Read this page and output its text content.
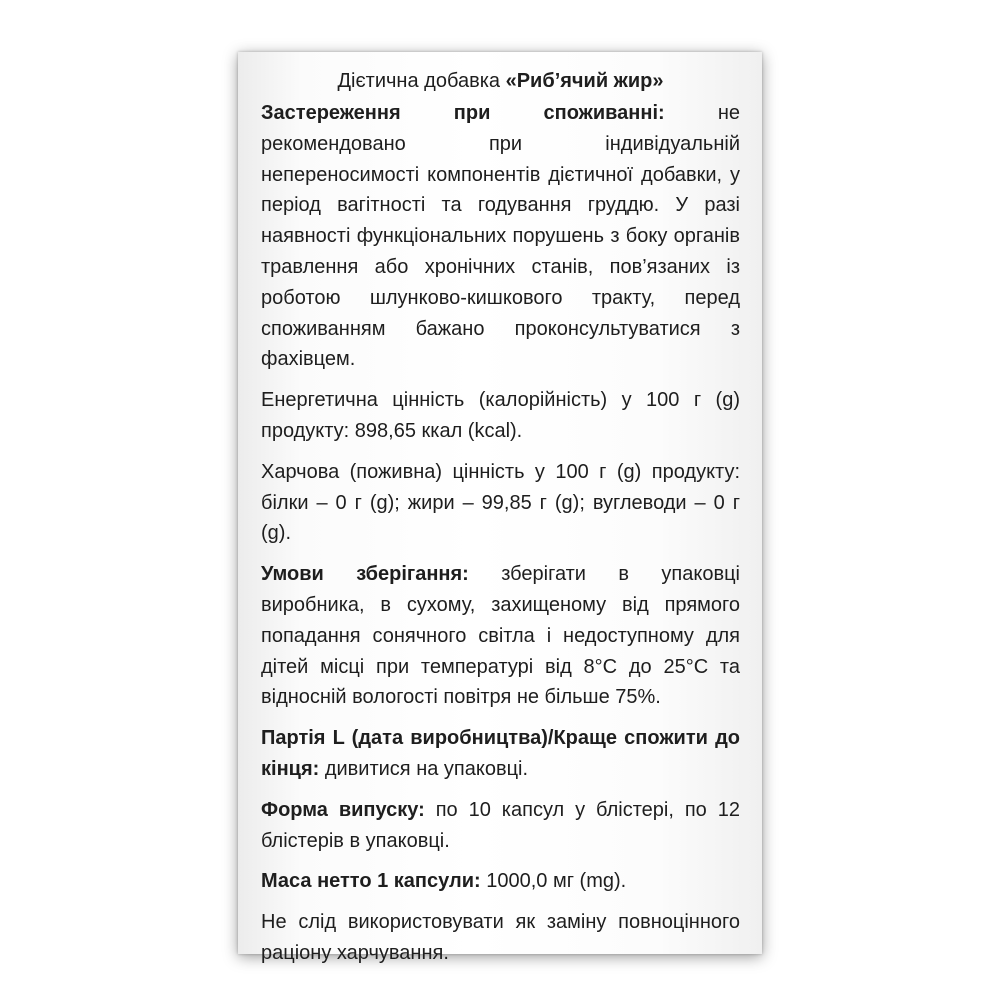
Дієтична добавка «Риб’ячий жир»

Застереження при споживанні: не рекомендовано при індивідуальній непереносимості компонентів дієтичної добавки, у період вагітності та годування груддю. У разі наявності функціональних порушень з боку органів травлення або хронічних станів, пов’язаних із роботою шлунково-кишкового тракту, перед споживанням бажано проконсультуватися з фахівцем.

Енергетична цінність (калорійність) у 100 г (g) продукту: 898,65 ккал (kcal).

Харчова (поживна) цінність у 100 г (g) продукту: білки – 0 г (g); жири – 99,85 г (g); вуглеводи – 0 г (g).

Умови зберігання: зберігати в упаковці виробника, в сухому, захищеному від прямого попадання сонячного світла і недоступному для дітей місці при температурі від 8°С до 25°С та відносній вологості повітря не більше 75%.

Партія L (дата виробництва)/Краще спожити до кінця: дивитися на упаковці.

Форма випуску: по 10 капсул у блістері, по 12 блістерів в упаковці.

Маса нетто 1 капсули: 1000,0 мг (mg).

Не слід використовувати як заміну повноцінного раціону харчування.
